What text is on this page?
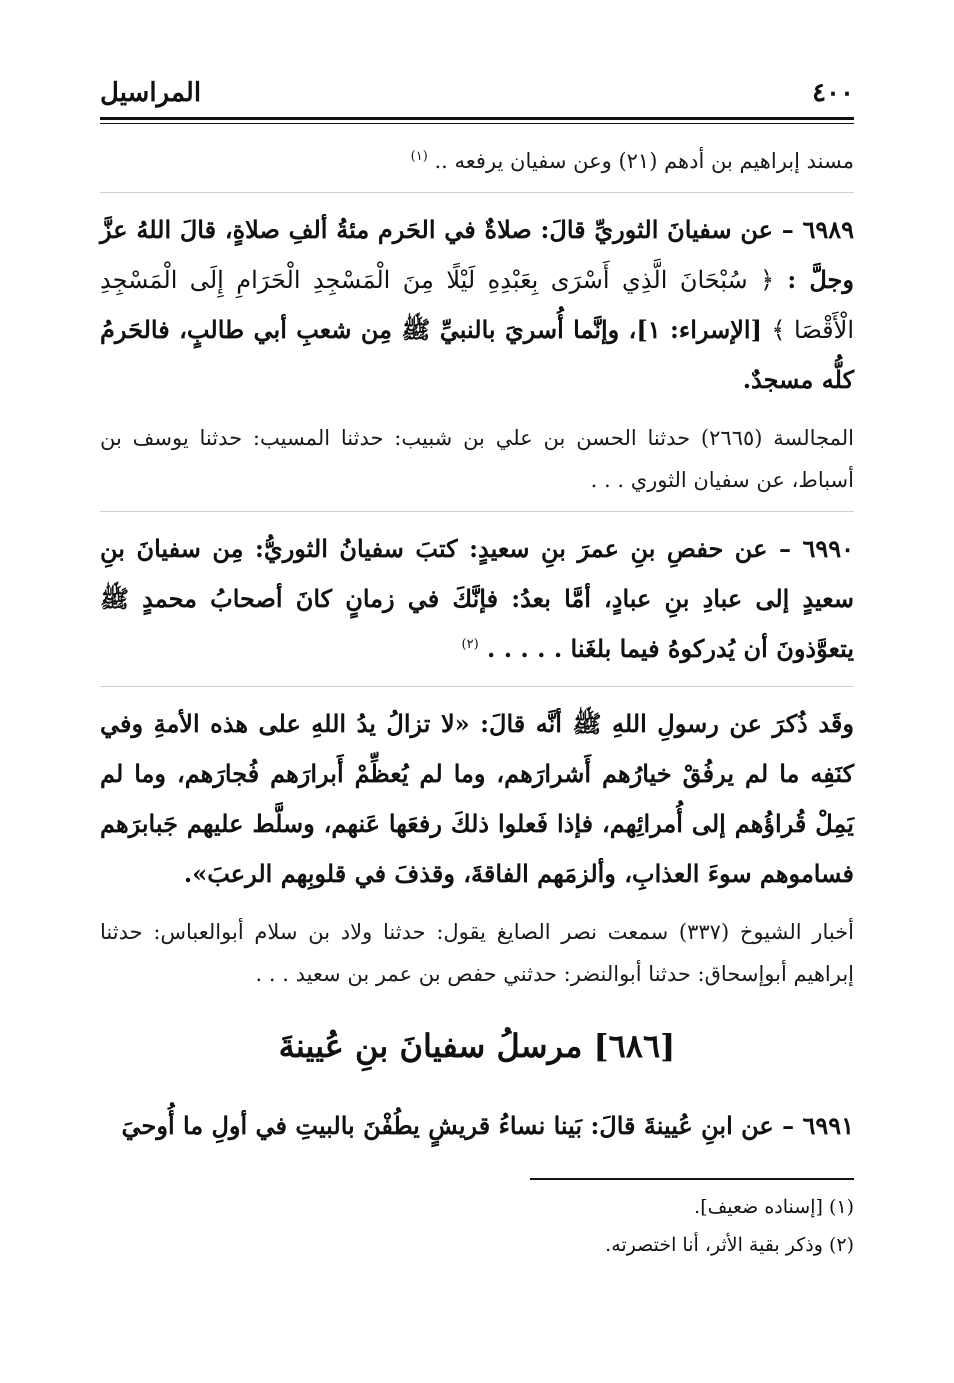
٤٠٠
المراسيل

مسند إبراهيم بن أدهم (٢١) وعن سفيان يرفعه .. $^{(١)}$

٦٩٨٩ – عن سفيانَ الثوريِّ قالَ: صلاةٌ في الحَرم مئةُ ألفِ صلاةٍ، قالَ اللهُ عزَّ وجلَّ : ﴿ سُبْحَانَ الَّذِي أَسْرَى بِعَبْدِهِ لَيْلًا مِنَ الْمَسْجِدِ الْحَرَامِ إِلَى الْمَسْجِدِ الْأَقْصَا ﴾ [الإسراء: ١]، وإنَّما أُسريَ بالنبيِّ ﷺ مِن شعبِ أبي طالبٍ، فالحَرمُ كلُّه مسجدٌ.

المجالسة (٢٦٦٥) حدثنا الحسن بن علي بن شبيب: حدثنا المسيب: حدثنا يوسف بن أسباط، عن سفيان الثوري . . .

٦٩٩٠ – عن حفصِ بنِ عمرَ بنِ سعيدٍ: كتبَ سفيانُ الثوريُّ: مِن سفيانَ بنِ سعيدٍ إلى عبادِ بنِ عبادٍ، أمَّا بعدُ: فإنَّكَ في زمانٍ كانَ أصحابُ محمدٍ ﷺ يتعوَّذونَ أن يُدركوهُ فيما بلغَنا . . . . . $^{(٢)}$

وقَد ذُكرَ عن رسولِ اللهِ ﷺ أنَّه قالَ: «لا تزالُ يدُ اللهِ على هذه الأمةِ وفي كنَفِه ما لم يرفُقْ خيارُهم أَشرارَهم، وما لم يُعظِّمْ أَبرارَهم فُجارَهم، وما لم يَمِلْ قُراؤُهم إلى أُمرائِهم، فإذا فَعلوا ذلكَ رفعَها عَنهم، وسلَّط عليهم جَبابرَهم فساموهم سوءَ العذابِ، وألزمَهم الفاقةَ، وقذفَ في قلوبِهم الرعبَ».

أخبار الشيوخ (٣٣٧) سمعت نصر الصايغ يقول: حدثنا ولاد بن سلام أبوالعباس: حدثنا إبراهيم أبوإسحاق: حدثنا أبوالنضر: حدثني حفص بن عمر بن سعيد . . .

[٦٨٦] مرسلُ سفيانَ بنِ عُيينةَ

٦٩٩١ – عن ابنِ عُيينةَ قالَ: بَينا نساءُ قريشٍ يطُفْنَ بالبيتِ في أولِ ما أُوحيَ

(١) [إسناده ضعيف].
(٢) وذكر بقية الأثر، أنا اختصرته.
